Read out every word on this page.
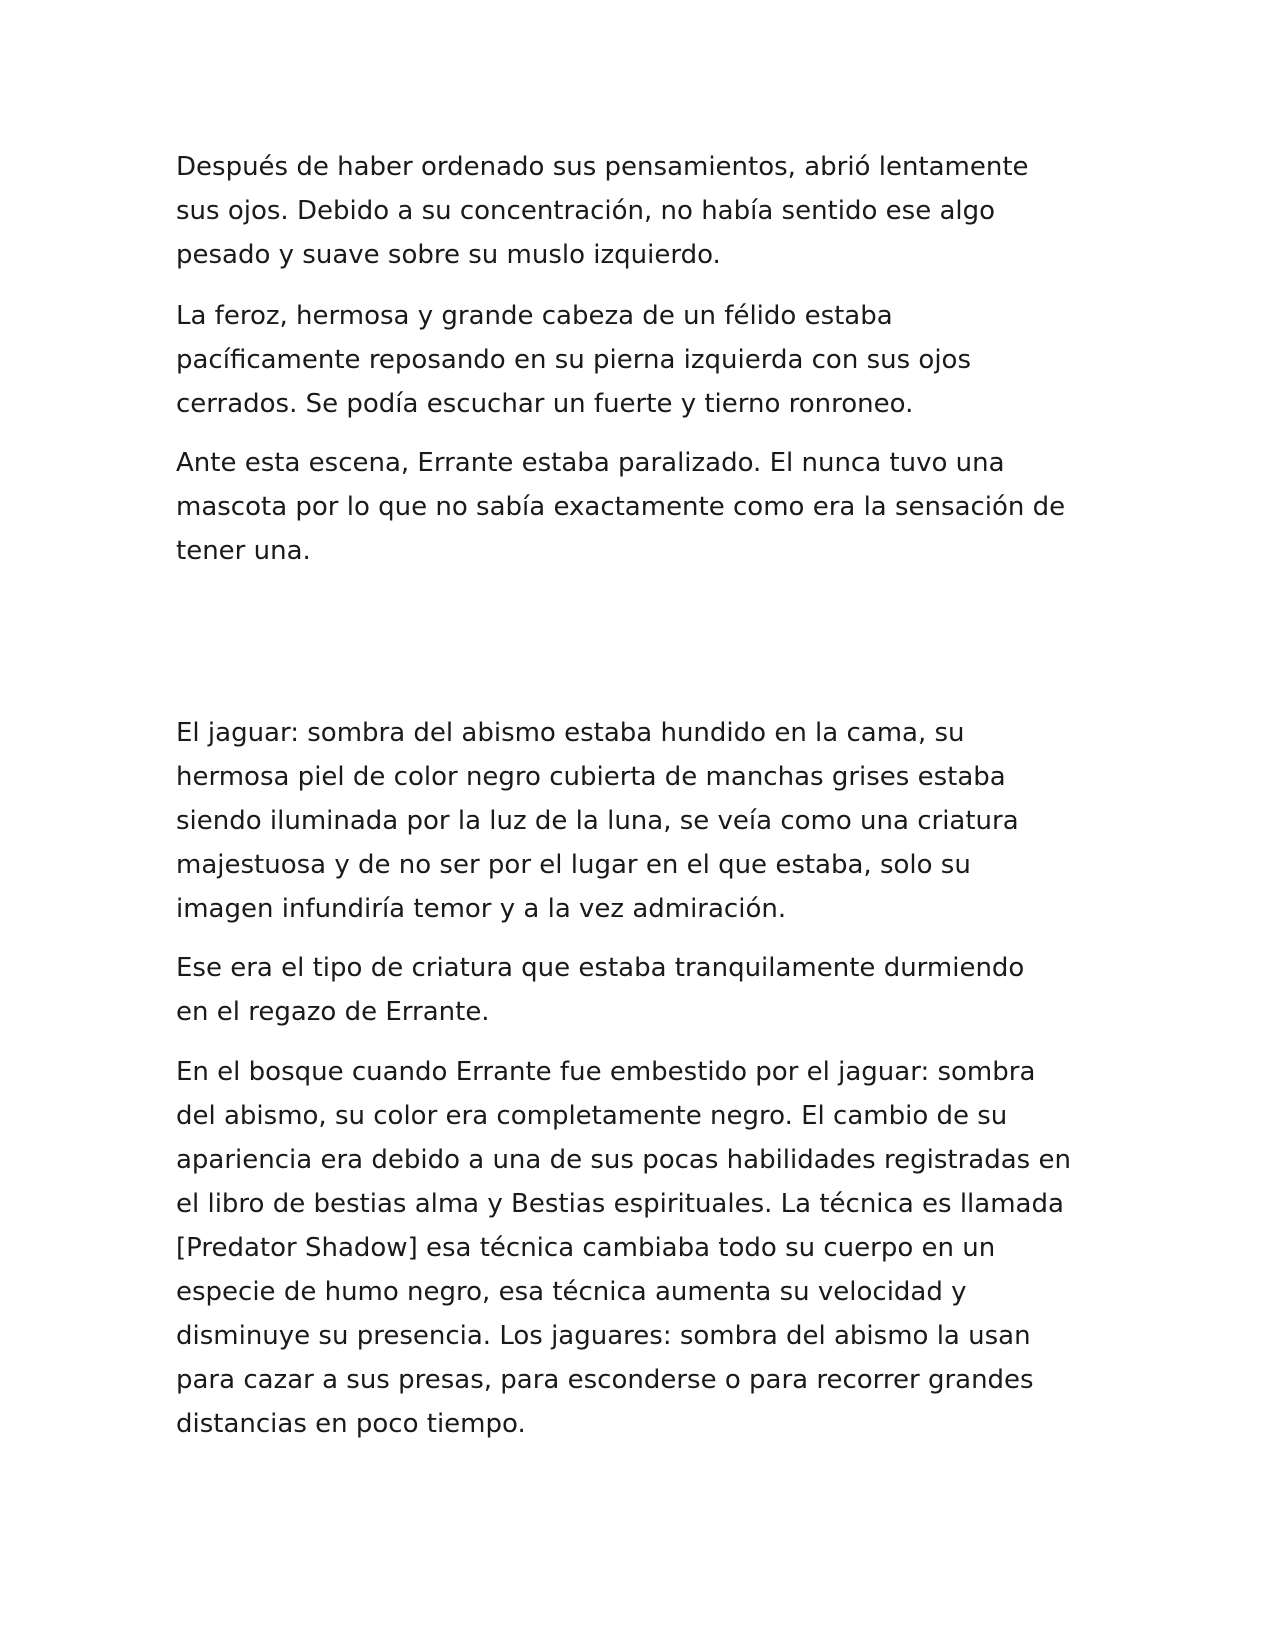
Después de haber ordenado sus pensamientos, abrió lentamente
sus ojos. Debido a su concentración, no había sentido ese algo
pesado y suave sobre su muslo izquierdo.

La feroz, hermosa y grande cabeza de un félido estaba
pacíficamente reposando en su pierna izquierda con sus ojos
cerrados. Se podía escuchar un fuerte y tierno ronroneo.

Ante esta escena, Errante estaba paralizado. El nunca tuvo una
mascota por lo que no sabía exactamente como era la sensación de
tener una.

El jaguar: sombra del abismo estaba hundido en la cama, su
hermosa piel de color negro cubierta de manchas grises estaba
siendo iluminada por la luz de la luna, se veía como una criatura
majestuosa y de no ser por el lugar en el que estaba, solo su
imagen infundiría temor y a la vez admiración.

Ese era el tipo de criatura que estaba tranquilamente durmiendo
en el regazo de Errante.

En el bosque cuando Errante fue embestido por el jaguar: sombra
del abismo, su color era completamente negro. El cambio de su
apariencia era debido a una de sus pocas habilidades registradas en
el libro de bestias alma y Bestias espirituales. La técnica es llamada
[Predator Shadow] esa técnica cambiaba todo su cuerpo en un
especie de humo negro, esa técnica aumenta su velocidad y
disminuye su presencia. Los jaguares: sombra del abismo la usan
para cazar a sus presas, para esconderse o para recorrer grandes
distancias en poco tiempo.
